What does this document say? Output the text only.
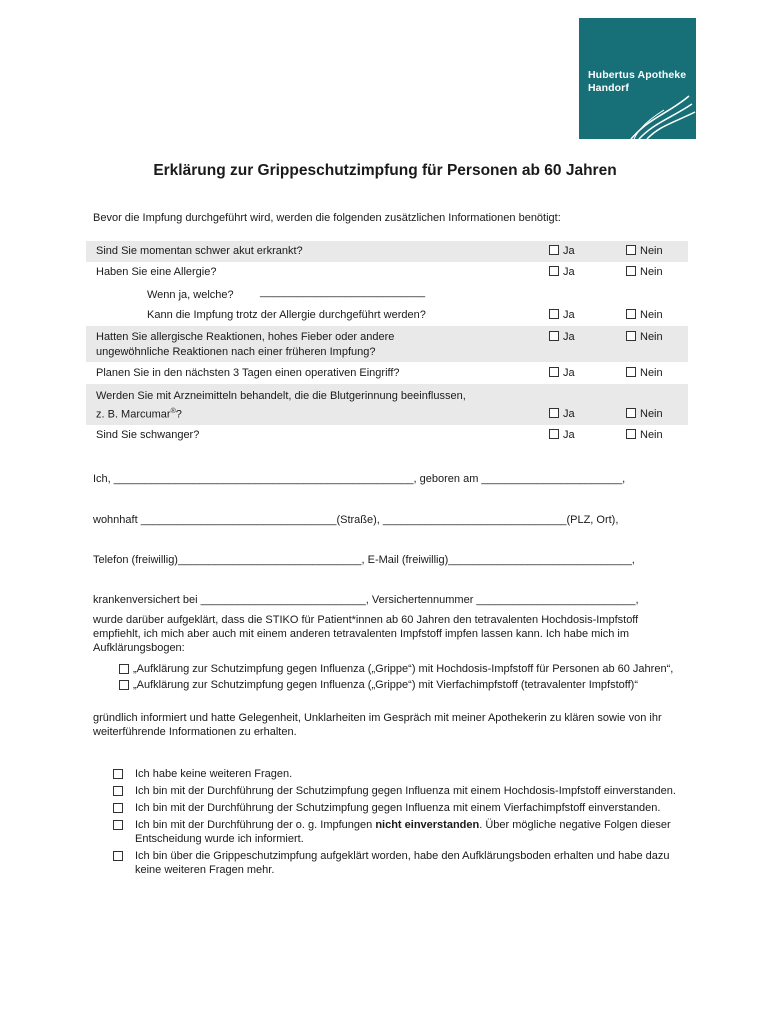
Hubertus Apotheke
Handorf
Erklärung zur Grippeschutzimpfung für Personen ab 60 Jahren
Bevor die Impfung durchgeführt wird, werden die folgenden zusätzlichen Informationen benötigt:
Sind Sie momentan schwer akut erkrankt?	Ja	Nein
Haben Sie eine Allergie?	Ja	Nein
Wenn ja, welche? ___________________________
Kann die Impfung trotz der Allergie durchgeführt werden?	Ja	Nein
Hatten Sie allergische Reaktionen, hohes Fieber oder andere
ungewöhnliche Reaktionen nach einer früheren Impfung?
Ja	Nein
Planen Sie in den nächsten 3 Tagen einen operativen Eingriff?	Ja	Nein
Werden Sie mit Arzneimitteln behandelt, die die Blutgerinnung beeinflussen,
z. B. Marcumar®?	Ja	Nein
Sind Sie schwanger?	Ja	Nein
Ich, _________________________________________________, geboren am _______________________,
wohnhaft ________________________________(Straße), ______________________________(PLZ, Ort),
Telefon (freiwillig)______________________________, E-Mail (freiwillig)______________________________,
krankenversichert bei ___________________________, Versichertennummer __________________________,
wurde darüber aufgeklärt, dass die STIKO für Patient*innen ab 60 Jahren den tetravalenten Hochdosis-Impfstoff empfiehlt, ich mich aber auch mit einem anderen tetravalenten Impfstoff impfen lassen kann. Ich habe mich im Aufklärungsbogen:
„Aufklärung zur Schutzimpfung gegen Influenza („Grippe“) mit Hochdosis-Impfstoff für Personen ab 60 Jahren“,
„Aufklärung zur Schutzimpfung gegen Influenza („Grippe“) mit Vierfachimpfstoff (tetravalenter Impfstoff)“
gründlich informiert und hatte Gelegenheit, Unklarheiten im Gespräch mit meiner Apothekerin zu klären sowie von ihr weiterführende Informationen zu erhalten.
Ich habe keine weiteren Fragen.
Ich bin mit der Durchführung der Schutzimpfung gegen Influenza mit einem Hochdosis-Impfstoff einverstanden.
Ich bin mit der Durchführung der Schutzimpfung gegen Influenza mit einem Vierfachimpfstoff einverstanden.
Ich bin mit der Durchführung der o. g. Impfungen nicht einverstanden. Über mögliche negative Folgen dieser Entscheidung wurde ich informiert.
Ich bin über die Grippeschutzimpfung aufgeklärt worden, habe den Aufklärungsboden erhalten und habe dazu keine weiteren Fragen mehr.
